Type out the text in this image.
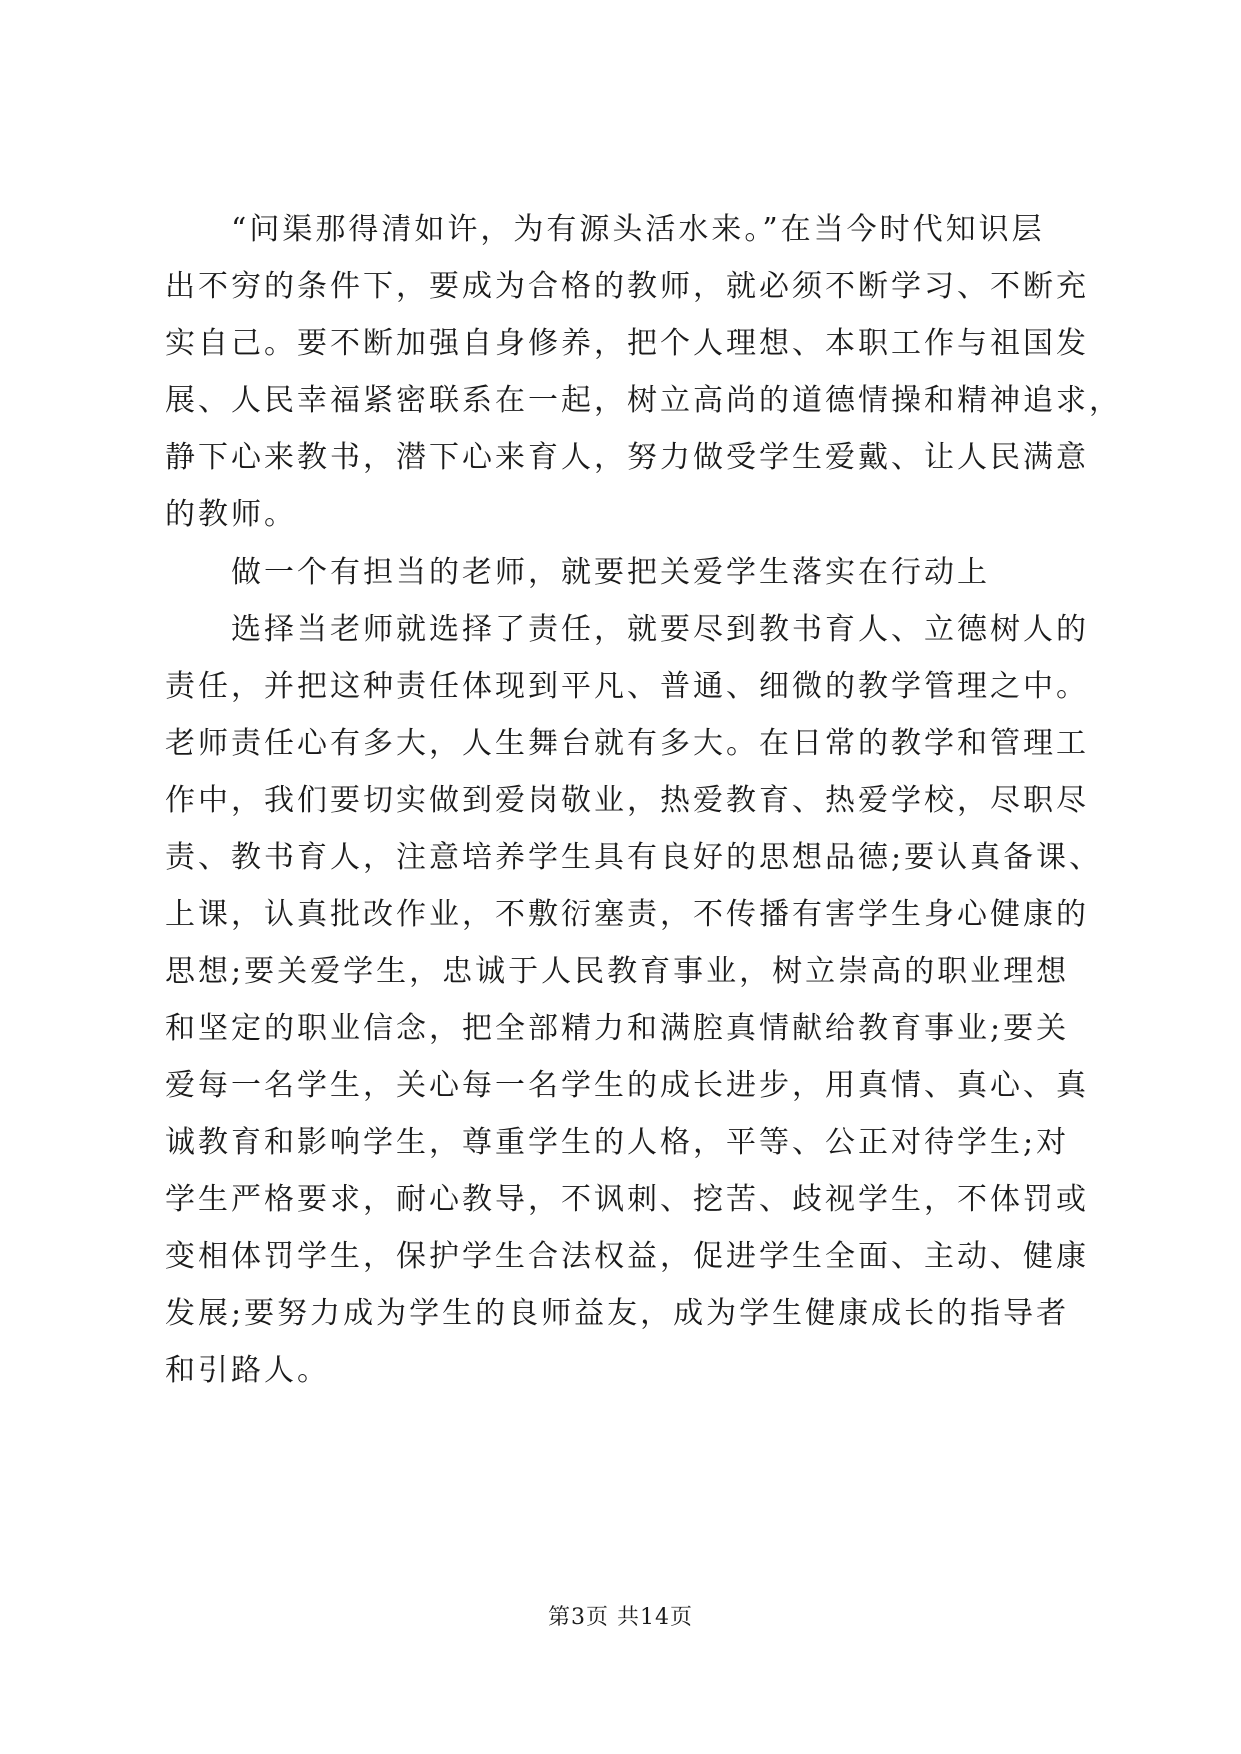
　　“问渠那得清如许，为有源头活水来。”在当今时代知识层
出不穷的条件下，要成为合格的教师，就必须不断学习、不断充
实自己。要不断加强自身修养，把个人理想、本职工作与祖国发
展、人民幸福紧密联系在一起，树立高尚的道德情操和精神追求，
静下心来教书，潜下心来育人，努力做受学生爱戴、让人民满意
的教师。
　　做一个有担当的老师，就要把关爱学生落实在行动上
　　选择当老师就选择了责任，就要尽到教书育人、立德树人的
责任，并把这种责任体现到平凡、普通、细微的教学管理之中。
老师责任心有多大，人生舞台就有多大。在日常的教学和管理工
作中，我们要切实做到爱岗敬业，热爱教育、热爱学校，尽职尽
责、教书育人，注意培养学生具有良好的思想品德;要认真备课、
上课，认真批改作业，不敷衍塞责，不传播有害学生身心健康的
思想;要关爱学生，忠诚于人民教育事业，树立崇高的职业理想
和坚定的职业信念，把全部精力和满腔真情献给教育事业;要关
爱每一名学生，关心每一名学生的成长进步，用真情、真心、真
诚教育和影响学生，尊重学生的人格，平等、公正对待学生;对
学生严格要求，耐心教导，不讽刺、挖苦、歧视学生，不体罚或
变相体罚学生，保护学生合法权益，促进学生全面、主动、健康
发展;要努力成为学生的良师益友，成为学生健康成长的指导者
和引路人。
第3页 共14页
